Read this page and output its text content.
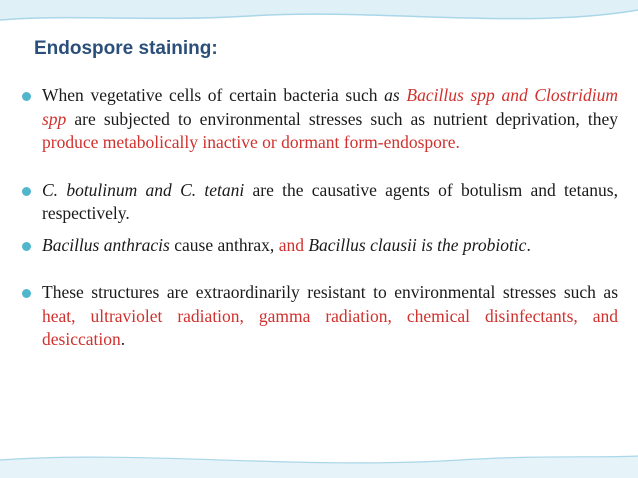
Endospore staining:
When vegetative cells of certain bacteria such as Bacillus spp and Clostridium spp are subjected to environmental stresses such as nutrient deprivation, they produce metabolically inactive or dormant form-endospore.
C. botulinum and C. tetani are the causative agents of botulism and tetanus, respectively.
Bacillus anthracis cause anthrax, and Bacillus clausii is the probiotic.
These structures are extraordinarily resistant to environmental stresses such as heat, ultraviolet radiation, gamma radiation, chemical disinfectants, and desiccation.
